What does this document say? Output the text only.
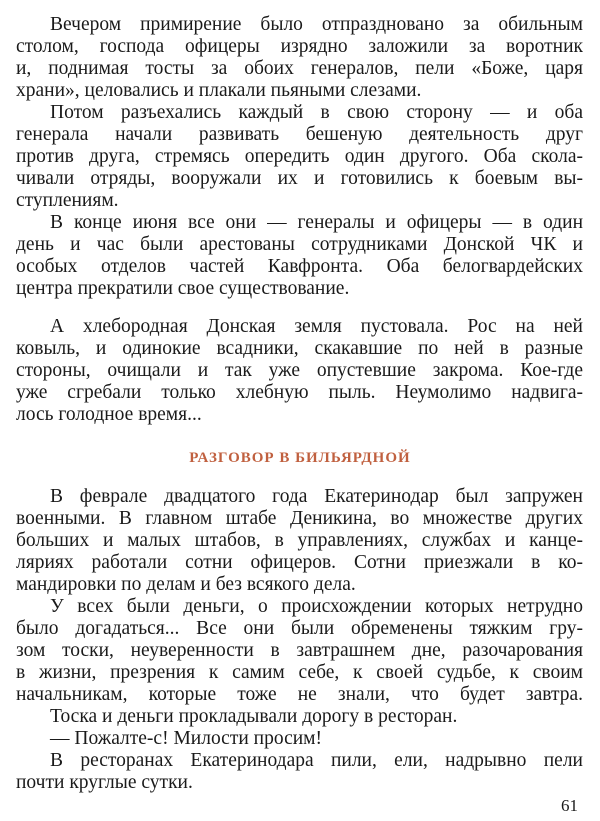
Вечером примирение было отпраздновано за обильным
столом, господа офицеры изрядно заложили за воротник
и, поднимая тосты за обоих генералов, пели «Боже, царя
храни», целовались и плакали пьяными слезами.
Потом разъехались каждый в свою сторону — и оба
генерала начали развивать бешеную деятельность друг
против друга, стремясь опередить один другого. Оба скола-
чивали отряды, вооружали их и готовились к боевым вы-
ступлениям.
В конце июня все они — генералы и офицеры — в один
день и час были арестованы сотрудниками Донской ЧК и
особых отделов частей Кавфронта. Оба белогвардейских
центра прекратили свое существование.
А хлебородная Донская земля пустовала. Рос на ней
ковыль, и одинокие всадники, скакавшие по ней в разные
стороны, очищали и так уже опустевшие закрома. Кое-где
уже сгребали только хлебную пыль. Неумолимо надвига-
лось голодное время...
РАЗГОВОР В БИЛЬЯРДНОЙ
В феврале двадцатого года Екатеринодар был запружен
военными. В главном штабе Деникина, во множестве других
больших и малых штабов, в управлениях, службах и канце-
ляриях работали сотни офицеров. Сотни приезжали в ко-
мандировки по делам и без всякого дела.
У всех были деньги, о происхождении которых нетрудно
было догадаться... Все они были обременены тяжким гру-
зом тоски, неуверенности в завтрашнем дне, разочарования
в жизни, презрения к самим себе, к своей судьбе, к своим
начальникам, которые тоже не знали, что будет завтра.
Тоска и деньги прокладывали дорогу в ресторан.
— Пожалте-с! Милости просим!
В ресторанах Екатеринодара пили, ели, надрывно пели
почти круглые сутки.
61
